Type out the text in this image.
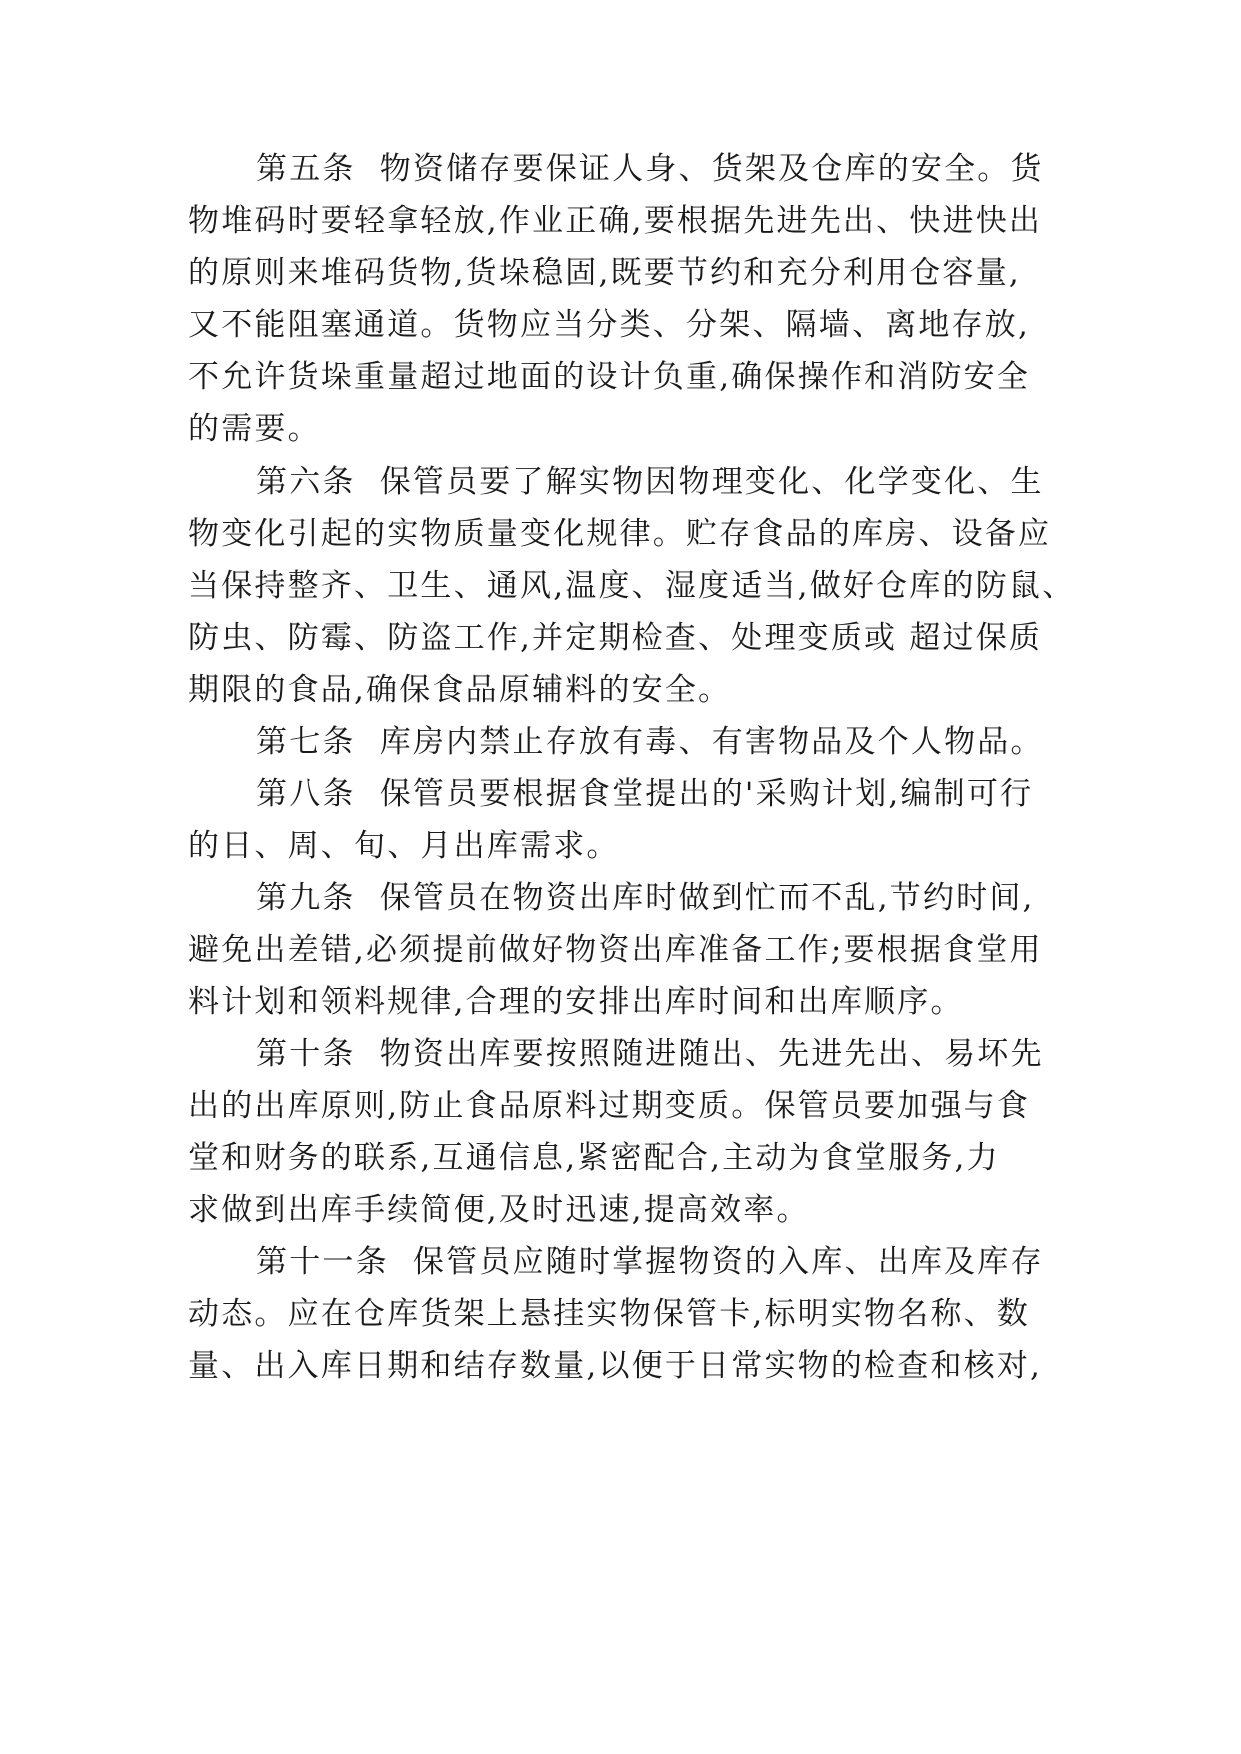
第五条  物资储存要保证人身、货架及仓库的安全。货
物堆码时要轻拿轻放,作业正确,要根据先进先出、快进快出
的原则来堆码货物,货垛稳固,既要节约和充分利用仓容量,
又不能阻塞通道。货物应当分类、分架、隔墙、离地存放,
不允许货垛重量超过地面的设计负重,确保操作和消防安全
的需要。
第六条  保管员要了解实物因物理变化、化学变化、生
物变化引起的实物质量变化规律。贮存食品的库房、设备应
当保持整齐、卫生、通风,温度、湿度适当,做好仓库的防鼠、
防虫、防霉、防盗工作,并定期检查、处理变质或 超过保质
期限的食品,确保食品原辅料的安全。
第七条  库房内禁止存放有毒、有害物品及个人物品。
第八条  保管员要根据食堂提出的'采购计划,编制可行
的日、周、旬、月出库需求。
第九条  保管员在物资出库时做到忙而不乱,节约时间,
避免出差错,必须提前做好物资出库准备工作;要根据食堂用
料计划和领料规律,合理的安排出库时间和出库顺序。
第十条  物资出库要按照随进随出、先进先出、易坏先
出的出库原则,防止食品原料过期变质。保管员要加强与食
堂和财务的联系,互通信息,紧密配合,主动为食堂服务,力
求做到出库手续简便,及时迅速,提高效率。
第十一条  保管员应随时掌握物资的入库、出库及库存
动态。应在仓库货架上悬挂实物保管卡,标明实物名称、数
量、出入库日期和结存数量,以便于日常实物的检查和核对,
